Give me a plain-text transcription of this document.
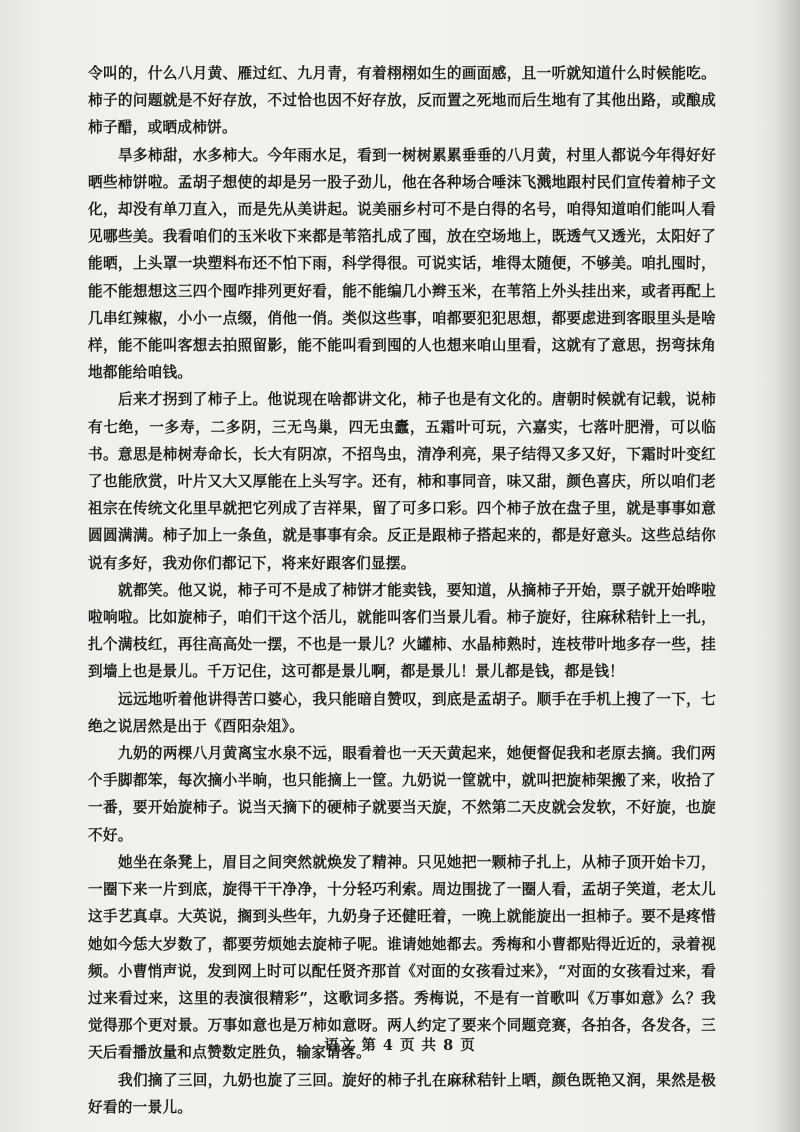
令叫的，什么八月黄、雁过红、九月青，有着栩栩如生的画面感，且一听就知道什么时候能吃。柿子的问题就是不好存放，不过恰也因不好存放，反而置之死地而后生地有了其他出路，或酿成柿子醋，或晒成柿饼。

旱多柿甜，水多柿大。今年雨水足，看到一树树累累垂垂的八月黄，村里人都说今年得好好晒些柿饼啦。孟胡子想使的却是另一股子劲儿，他在各种场合唾沫飞溅地跟村民们宣传着柿子文化，却没有单刀直入，而是先从美讲起。说美丽乡村可不是白得的名号，咱得知道咱们能叫人看见哪些美。我看咱们的玉米收下来都是苇箔扎成了囤，放在空场地上，既透气又透光，太阳好了能晒，上头罩一块塑料布还不怕下雨，科学得很。可说实话，堆得太随便，不够美。咱扎囤时，能不能想想这三四个囤咋排列更好看，能不能编几小辫玉米，在苇箔上外头挂出来，或者再配上几串红辣椒，小小一点缀，俏他一俏。类似这些事，咱都要犯犯思想，都要虑进到客眼里头是啥样，能不能叫客想去拍照留影，能不能叫看到囤的人也想来咱山里看，这就有了意思，拐弯抹角地都能给咱钱。

后来才拐到了柿子上。他说现在啥都讲文化，柿子也是有文化的。唐朝时候就有记载，说柿有七绝，一多寿，二多阴，三无鸟巢，四无虫蠹，五霜叶可玩，六嘉实，七落叶肥滑，可以临书。意思是柿树寿命长，长大有阴凉，不招鸟虫，清净利亮，果子结得又多又好，下霜时叶变红了也能欣赏，叶片又大又厚能在上头写字。还有，柿和事同音，味又甜，颜色喜庆，所以咱们老祖宗在传统文化里早就把它列成了吉祥果，留了可多口彩。四个柿子放在盘子里，就是事事如意圆圆满满。柿子加上一条鱼，就是事事有余。反正是跟柿子搭起来的，都是好意头。这些总结你说有多好，我劝你们都记下，将来好跟客们显摆。

就都笑。他又说，柿子可不是成了柿饼才能卖钱，要知道，从摘柿子开始，票子就开始哗啦啦响啦。比如旋柿子，咱们干这个活儿，就能叫客们当景儿看。柿子旋好，往麻秫秸针上一扎，扎个满枝红，再往高高处一摆，不也是一景儿？火罐柿、水晶柿熟时，连枝带叶地多存一些，挂到墙上也是景儿。千万记住，这可都是景儿啊，都是景儿！景儿都是钱，都是钱！

远远地听着他讲得苦口婆心，我只能暗自赞叹，到底是孟胡子。顺手在手机上搜了一下，七绝之说居然是出于《酉阳杂俎》。

九奶的两棵八月黄离宝水泉不远，眼看着也一天天黄起来，她便督促我和老原去摘。我们两个手脚都笨，每次摘小半晌，也只能摘上一筐。九奶说一筐就中，就叫把旋柿架搬了来，收拾了一番，要开始旋柿子。说当天摘下的硬柿子就要当天旋，不然第二天皮就会发软，不好旋，也旋不好。

她坐在条凳上，眉目之间突然就焕发了精神。只见她把一颗柿子扎上，从柿子顶开始卡刀，一圈下来一片到底，旋得干干净净，十分轻巧利索。周边围拢了一圈人看，孟胡子笑道，老太儿这手艺真卓。大英说，搁到头些年，九奶身子还健旺着，一晚上就能旋出一担柿子。要不是疼惜她如今恁大岁数了，都要劳烦她去旋柿子呢。谁请她她都去。秀梅和小曹都贴得近近的，录着视频。小曹悄声说，发到网上时可以配任贤齐那首《对面的女孩看过来》，“对面的女孩看过来，看过来看过来，这里的表演很精彩”，这歌词多搭。秀梅说，不是有一首歌叫《万事如意》么？我觉得那个更对景。万事如意也是万柿如意呀。两人约定了要来个同题竞赛，各拍各，各发各，三天后看播放量和点赞数定胜负，输家请客。

我们摘了三回，九奶也旋了三回。旋好的柿子扎在麻秫秸针上晒，颜色既艳又润，果然是极好看的一景儿。

语文 第 4 页 共 8 页
